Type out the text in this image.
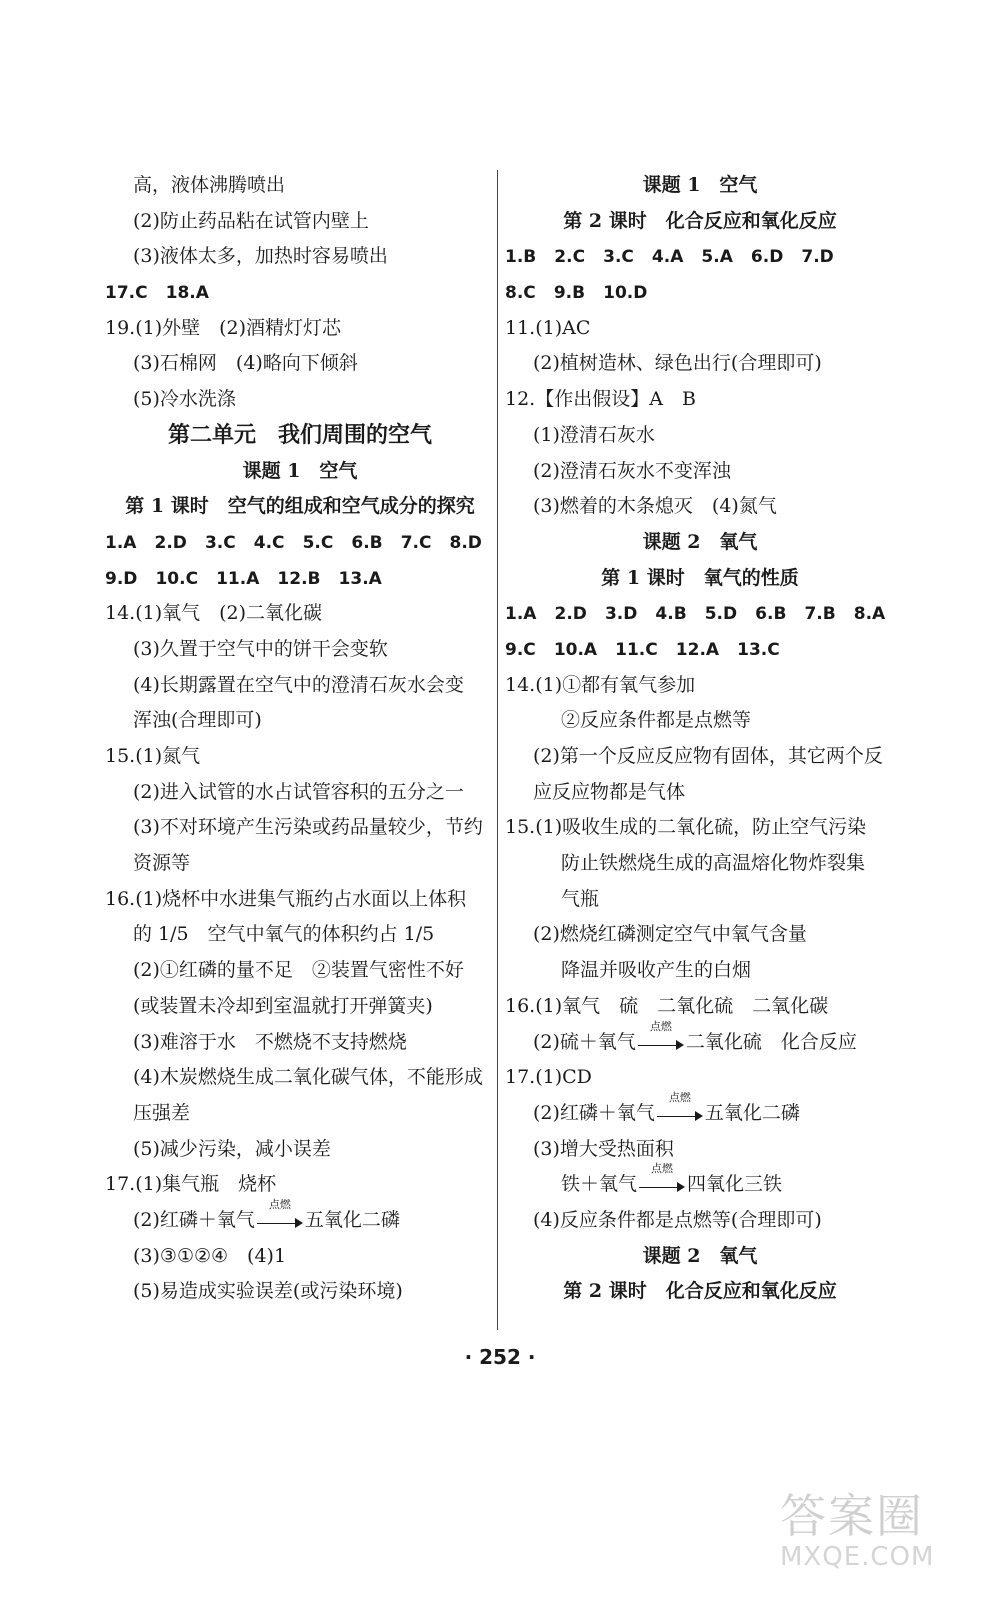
高，液体沸腾喷出
(2)防止药品粘在试管内壁上
(3)液体太多，加热时容易喷出
17.C 18.A
19.(1)外壁　(2)酒精灯灯芯
(3)石棉网　(4)略向下倾斜
(5)冷水洗涤
第二单元　我们周围的空气
课题 1　空气
第 1 课时　空气的组成和空气成分的探究
1.A 2.D 3.C 4.C 5.C 6.B 7.C 8.D
9.D 10.C 11.A 12.B 13.A
14.(1)氧气　(2)二氧化碳
(3)久置于空气中的饼干会变软
(4)长期露置在空气中的澄清石灰水会变
浑浊(合理即可)
15.(1)氮气
(2)进入试管的水占试管容积的五分之一
(3)不对环境产生污染或药品量较少，节约
资源等
16.(1)烧杯中水进集气瓶约占水面以上体积
的 1/5　空气中氧气的体积约占 1/5
(2)①红磷的量不足　②装置气密性不好
(或装置未冷却到室温就打开弹簧夹)
(3)难溶于水　不燃烧不支持燃烧
(4)木炭燃烧生成二氧化碳气体，不能形成
压强差
(5)减少污染，减小误差
17.(1)集气瓶　烧杯
(2)红磷＋氧气
点燃
五氧化二磷
(3)③①②④　(4)1
(5)易造成实验误差(或污染环境)
课题 1　空气
第 2 课时　化合反应和氧化反应
1.B 2.C 3.C 4.A 5.A 6.D 7.D
8.C 9.B 10.D
11.(1)AC
(2)植树造林、绿色出行(合理即可)
12.【作出假设】A　B
(1)澄清石灰水
(2)澄清石灰水不变浑浊
(3)燃着的木条熄灭　(4)氮气
课题 2　氧气
第 1 课时　氧气的性质
1.A 2.D 3.D 4.B 5.D 6.B 7.B 8.A
9.C 10.A 11.C 12.A 13.C
14.(1)①都有氧气参加
②反应条件都是点燃等
(2)第一个反应反应物有固体，其它两个反
应反应物都是气体
15.(1)吸收生成的二氧化硫，防止空气污染
防止铁燃烧生成的高温熔化物炸裂集
气瓶
(2)燃烧红磷测定空气中氧气含量
降温并吸收产生的白烟
16.(1)氧气　硫　二氧化硫　二氧化碳
(2)硫＋氧气
点燃
二氧化硫　化合反应
17.(1)CD
(2)红磷＋氧气
点燃
五氧化二磷
(3)增大受热面积
铁＋氧气
点燃
四氧化三铁
(4)反应条件都是点燃等(合理即可)
课题 2　氧气
第 2 课时　化合反应和氧化反应
· 252 ·
答案圈
MXQE.COM
